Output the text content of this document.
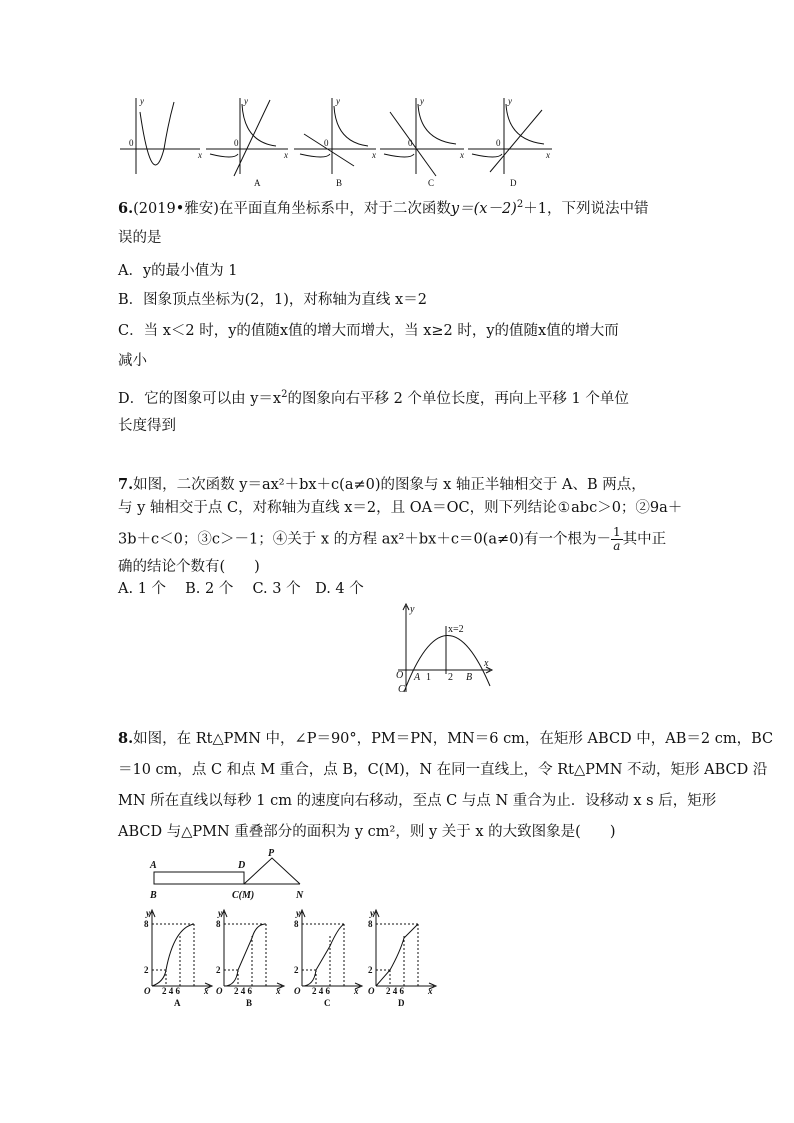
y
0
x
y
0
x
A
y
0
x
B
y
0
x
C
y
0
x
D
6.(2019•雅安)在平面直角坐标系中，对于二次函数$y=(x-2)^2+1$，下列说法中错
误的是
A．y的最小值为 1
B．图象顶点坐标为(2，1)，对称轴为直线 x＝2
C．当 x＜2 时，y的值随x值的增大而增大，当 x≥2 时，y的值随x值的增大而
减小
D．它的图象可以由 $y=x^2$的图象向右平移 2 个单位长度，再向上平移 1 个单位
长度得到
7.如图，二次函数 y＝ax²＋bx＋c(a≠0)的图象与 x 轴正半轴相交于 A、B 两点，
与 y 轴相交于点 C，对称轴为直线 x＝2，且 OA＝OC，则下列结论①abc＞0；②9a＋
3b＋c＜0；③c＞－1；④关于 x 的方程 ax²＋bx＋c＝0(a≠0)有一个根为－ $\frac{1}{a}$ 其中正
确的结论个数有(　　)
A. 1 个　 B. 2 个　 C. 3 个　D. 4 个
y
x=2
O A 1 2 B
x
C
8.如图，在 Rt△PMN 中，∠P＝90°，PM＝PN，MN＝6 cm，在矩形 ABCD 中，AB＝2 cm，BC
＝10 cm，点 C 和点 M 重合，点 B，C(M)，N 在同一直线上，令 Rt△PMN 不动，矩形 ABCD 沿
MN 所在直线以每秒 1 cm 的速度向右移动，至点 C 与点 N 重合为止．设移动 x s 后，矩形
ABCD 与△PMN 重叠部分的面积为 y cm²，则 y 关于 x 的大致图象是(　　)
A	D
B	C(M)	N
P
y
8
2
O 2 4 6	x
A
y
8
2
O 2 4 6	x
B
y
8
2
O 2 4 6	x
C
y
8
2
O 2 4 6	x
D
